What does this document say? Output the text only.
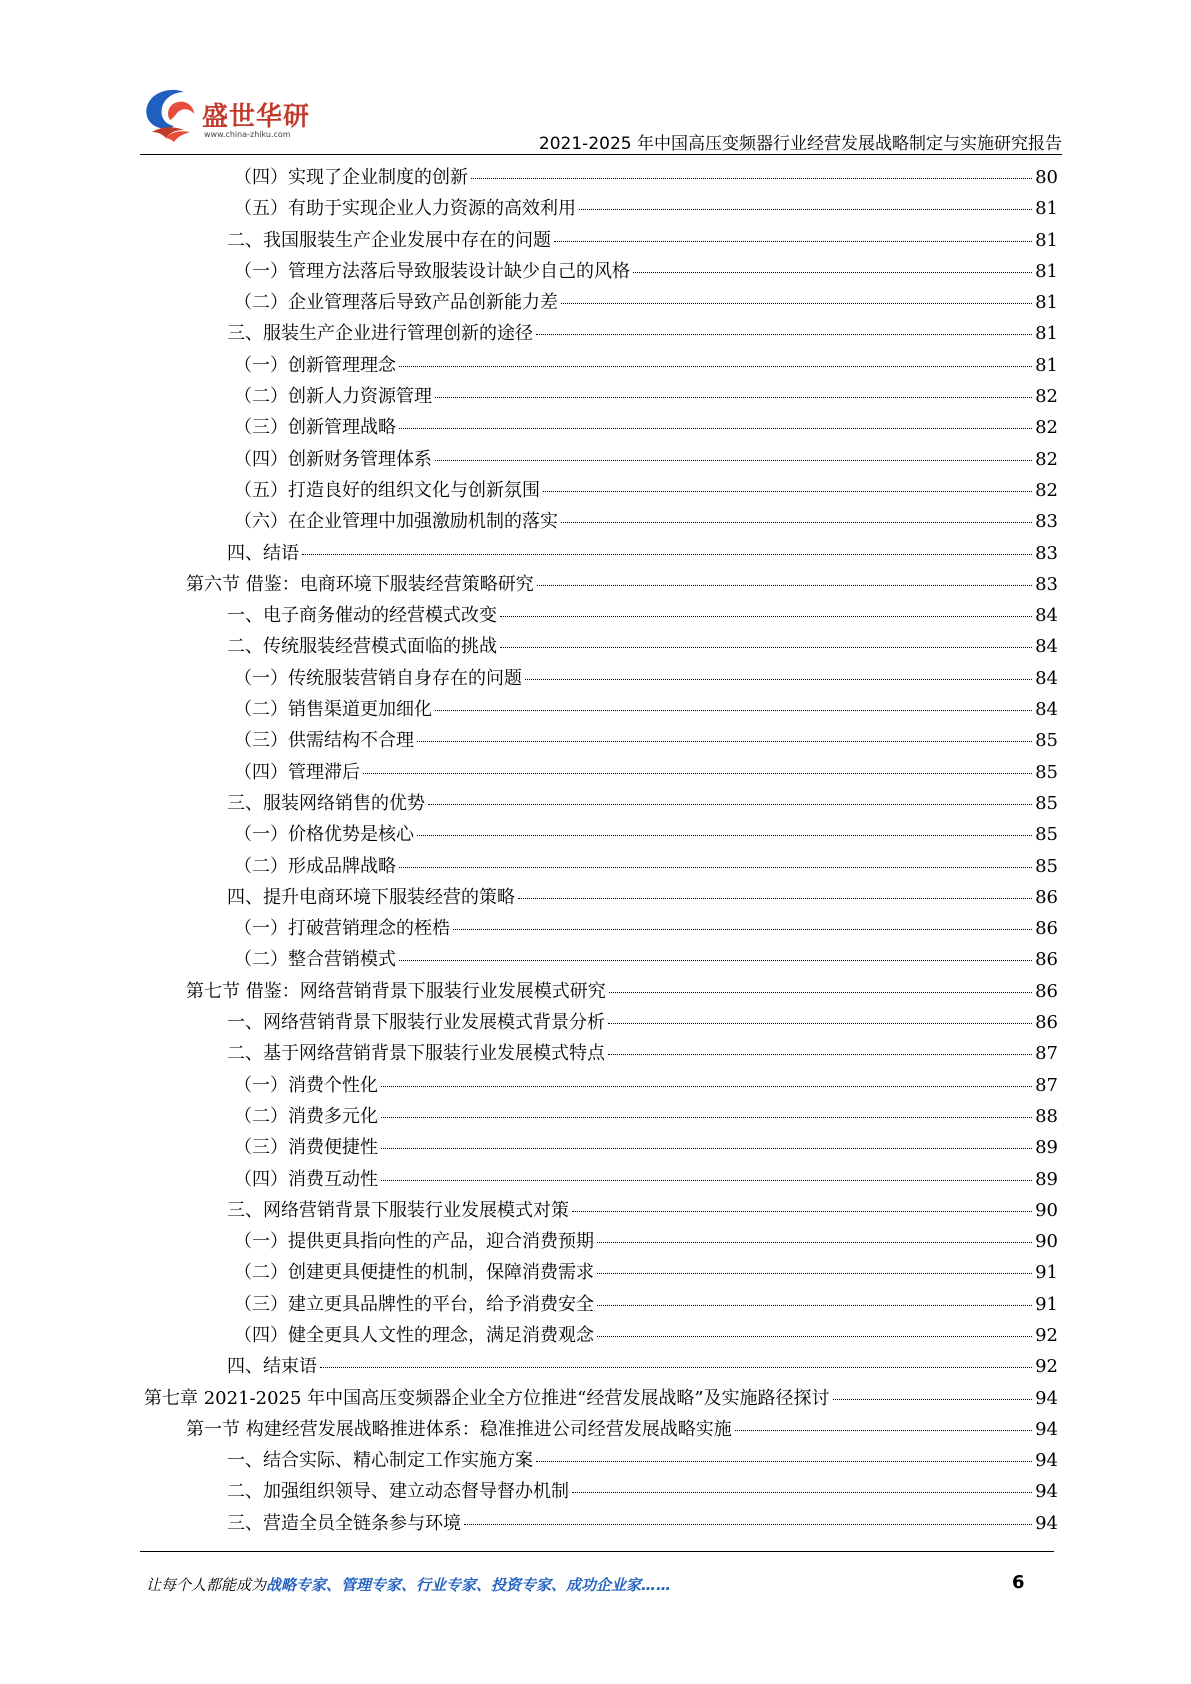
盛世华研
www.china-zhiku.com	2021-2025 年中国高压变频器行业经营发展战略制定与实施研究报告
（四）实现了企业制度的创新	80
（五）有助于实现企业人力资源的高效利用	81
二、我国服装生产企业发展中存在的问题	81
（一）管理方法落后导致服装设计缺少自己的风格	81
（二）企业管理落后导致产品创新能力差	81
三、服装生产企业进行管理创新的途径	81
（一）创新管理理念	81
（二）创新人力资源管理	82
（三）创新管理战略	82
（四）创新财务管理体系	82
（五）打造良好的组织文化与创新氛围	82
（六）在企业管理中加强激励机制的落实	83
四、结语	83
第六节 借鉴：电商环境下服装经营策略研究	83
一、电子商务催动的经营模式改变	84
二、传统服装经营模式面临的挑战	84
（一）传统服装营销自身存在的问题	84
（二）销售渠道更加细化	84
（三）供需结构不合理	85
（四）管理滞后	85
三、服装网络销售的优势	85
（一）价格优势是核心	85
（二）形成品牌战略	85
四、提升电商环境下服装经营的策略	86
（一）打破营销理念的桎梏	86
（二）整合营销模式	86
第七节 借鉴：网络营销背景下服装行业发展模式研究	86
一、网络营销背景下服装行业发展模式背景分析	86
二、基于网络营销背景下服装行业发展模式特点	87
（一）消费个性化	87
（二）消费多元化	88
（三）消费便捷性	89
（四）消费互动性	89
三、网络营销背景下服装行业发展模式对策	90
（一）提供更具指向性的产品，迎合消费预期	90
（二）创建更具便捷性的机制，保障消费需求	91
（三）建立更具品牌性的平台，给予消费安全	91
（四）健全更具人文性的理念，满足消费观念	92
四、结束语	92
第七章 2021-2025 年中国高压变频器企业全方位推进“经营发展战略”及实施路径探讨	94
第一节 构建经营发展战略推进体系：稳准推进公司经营发展战略实施	94
一、结合实际、精心制定工作实施方案	94
二、加强组织领导、建立动态督导督办机制	94
三、营造全员全链条参与环境	94
让每个人都能成为战略专家、管理专家、行业专家、投资专家、成功企业家……	6
